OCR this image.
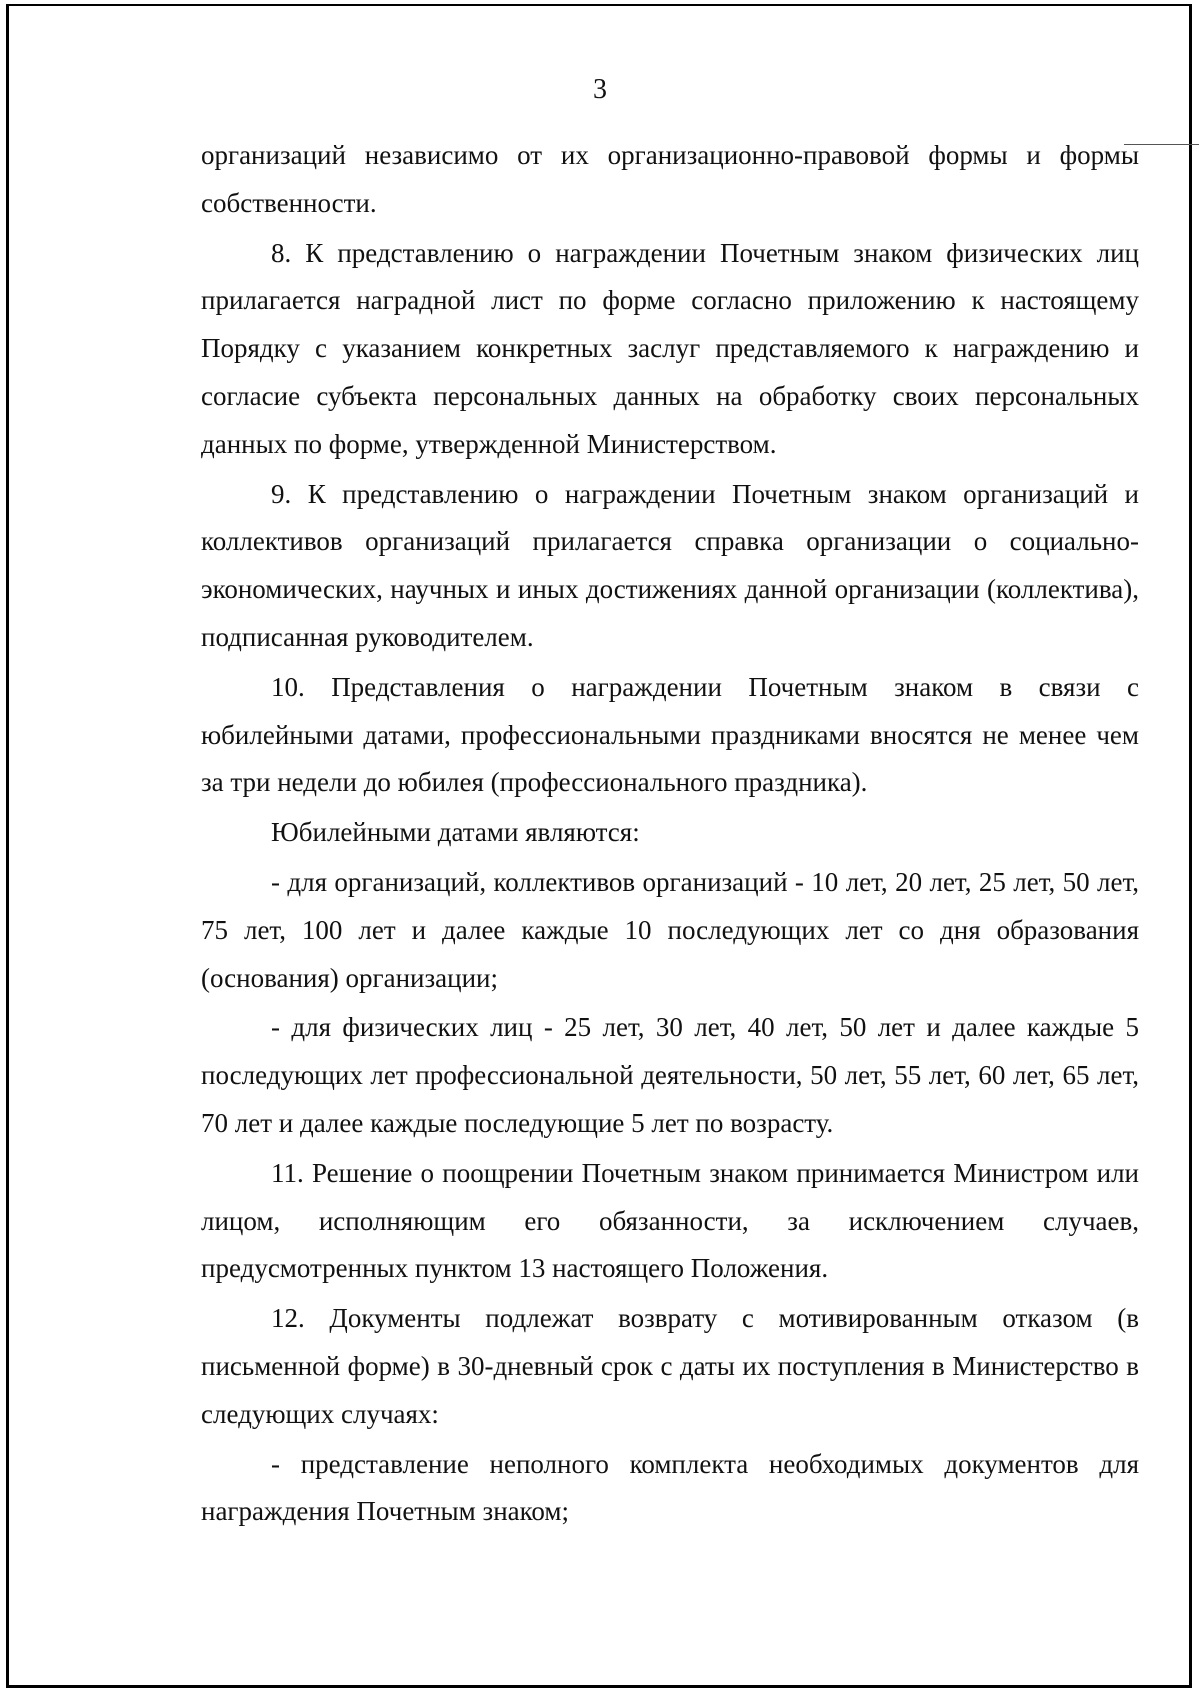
3

организаций независимо от их организационно-правовой формы и формы собственности.

8. К представлению о награждении Почетным знаком физических лиц прилагается наградной лист по форме согласно приложению к настоящему Порядку с указанием конкретных заслуг представляемого к награждению и согласие субъекта персональных данных на обработку своих персональных данных по форме, утвержденной Министерством.

9. К представлению о награждении Почетным знаком организаций и коллективов организаций прилагается справка организации о социально-экономических, научных и иных достижениях данной организации (коллектива), подписанная руководителем.

10. Представления о награждении Почетным знаком в связи с юбилейными датами, профессиональными праздниками вносятся не менее чем за три недели до юбилея (профессионального праздника).

Юбилейными датами являются:

- для организаций, коллективов организаций - 10 лет, 20 лет, 25 лет, 50 лет, 75 лет, 100 лет и далее каждые 10 последующих лет со дня образования (основания) организации;

- для физических лиц - 25 лет, 30 лет, 40 лет, 50 лет и далее каждые 5 последующих лет профессиональной деятельности, 50 лет, 55 лет, 60 лет, 65 лет, 70 лет и далее каждые последующие 5 лет по возрасту.

11. Решение о поощрении Почетным знаком принимается Министром или лицом, исполняющим его обязанности, за исключением случаев, предусмотренных пунктом 13 настоящего Положения.

12. Документы подлежат возврату с мотивированным отказом (в письменной форме) в 30-дневный срок с даты их поступления в Министерство в следующих случаях:

- представление неполного комплекта необходимых документов для награждения Почетным знаком;
